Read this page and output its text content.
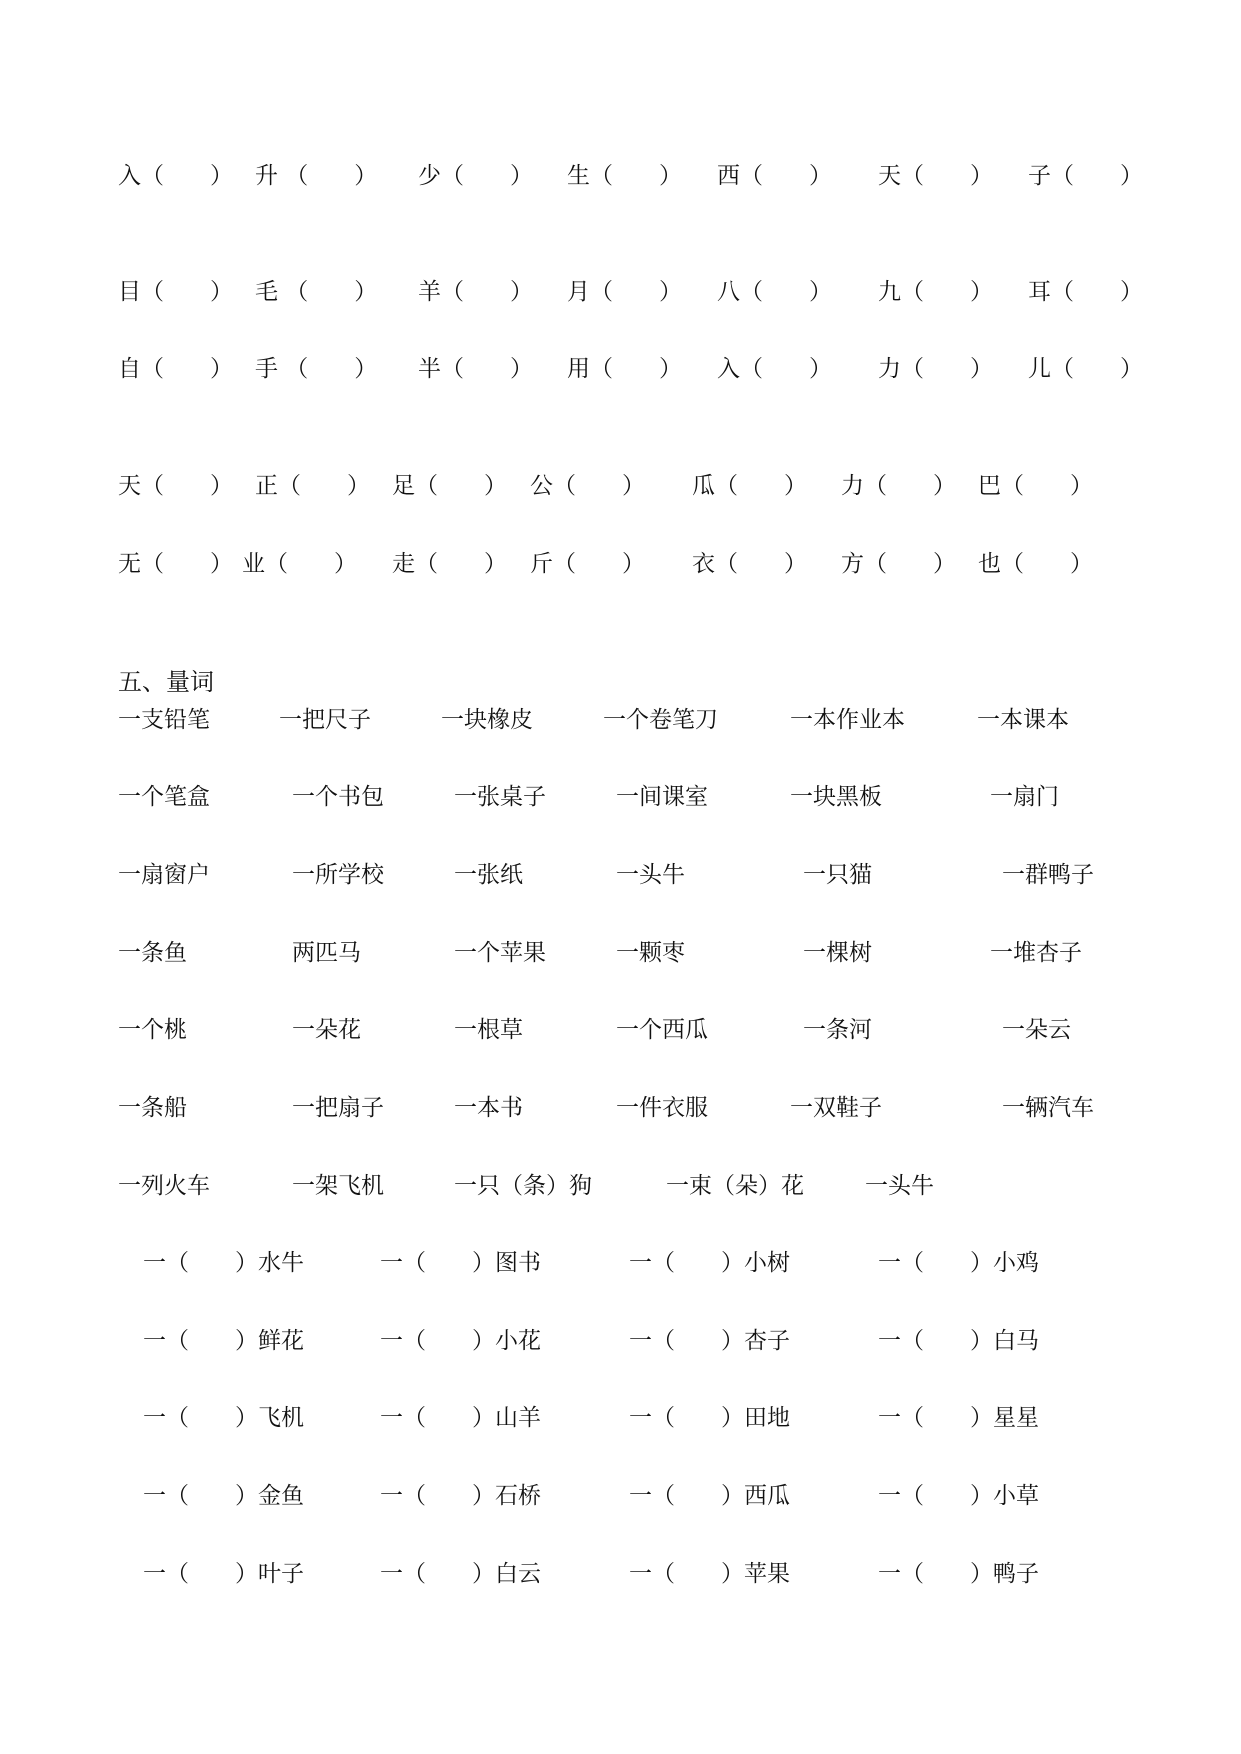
入（　　） 升 （　　） 少（　　） 生（　　） 西（　　） 天（　　） 子（　　）
目（　　） 毛 （　　） 羊（　　） 月（　　） 八（　　） 九（　　） 耳（　　）
自（　　） 手 （　　） 半（　　） 用（　　） 入（　　） 力（　　） 儿（　　）
天（　　） 正（　　） 足（　　） 公（　　） 瓜（　　） 力（　　） 巴（　　）
无（　　） 业（　　） 走（　　） 斤（　　） 衣（　　） 方（　　） 也（　　）
五、量词
一支铅笔	一把尺子	一块橡皮	一个卷笔刀	一本作业本	一本课本
一个笔盒	一个书包	一张桌子	一间课室	一块黑板	一扇门
一扇窗户	一所学校	一张纸	一头牛	一只猫	一群鸭子
一条鱼	两匹马	一个苹果	一颗枣	一棵树	一堆杏子
一个桃	一朵花	一根草	一个西瓜	一条河	一朵云
一条船	一把扇子	一本书	一件衣服	一双鞋子	一辆汽车
一列火车	一架飞机	一只（条）狗	一束（朵）花	一头牛
一（　　）水牛	一（　　）图书	一（　　）小树	一（　　）小鸡
一（　　）鲜花	一（　　）小花	一（　　）杏子	一（　　）白马
一（　　）飞机	一（　　）山羊	一（　　）田地	一（　　）星星
一（　　）金鱼	一（　　）石桥	一（　　）西瓜	一（　　）小草
一（　　）叶子	一（　　）白云	一（　　）苹果	一（　　）鸭子
